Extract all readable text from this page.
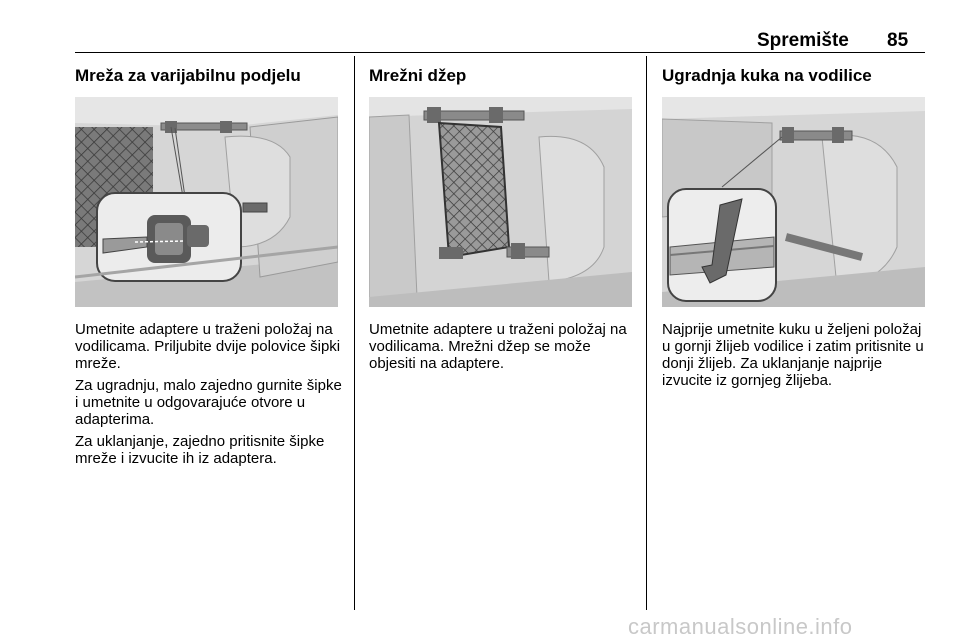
Spremište 85
Mreža za varijabilnu podjelu

Umetnite adaptere u traženi položaj na vodilicama. Priljubite dvije polovice šipki mreže.

Za ugradnju, malo zajedno gurnite šipke i umetnite u odgovarajuće otvore u adapterima.

Za uklanjanje, zajedno pritisnite šipke mreže i izvucite ih iz adaptera.

Mrežni džep

Umetnite adaptere u traženi položaj na vodilicama. Mrežni džep se može objesiti na adaptere.

Ugradnja kuka na vodilice

Najprije umetnite kuku u željeni položaj u gornji žlijeb vodilice i zatim pritisnite u donji žlijeb. Za uklanjanje najprije izvucite iz gornjeg žlijeba.

carmanualsonline.info
